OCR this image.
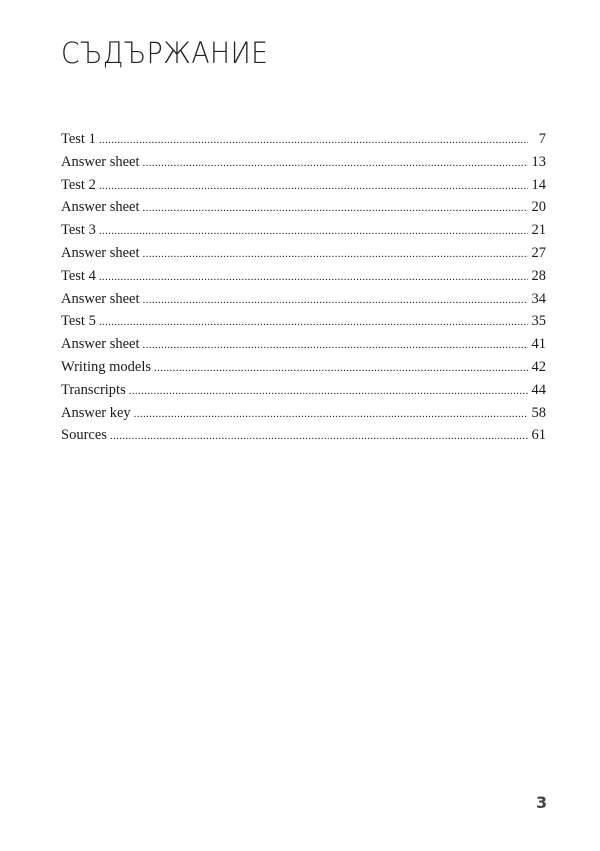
СЪДЪРЖАНИЕ
Test 1 . . .	7
Answer sheet . . .	13
Test 2 . . .	14
Answer sheet . . .	20
Test 3 . . .	21
Answer sheet . . .	27
Test 4 . . .	28
Answer sheet . . .	34
Test 5 . . .	35
Answer sheet . . .	41
Writing models . . .	42
Transcripts . . .	44
Answer key . . .	58
Sources . . .	61
3
